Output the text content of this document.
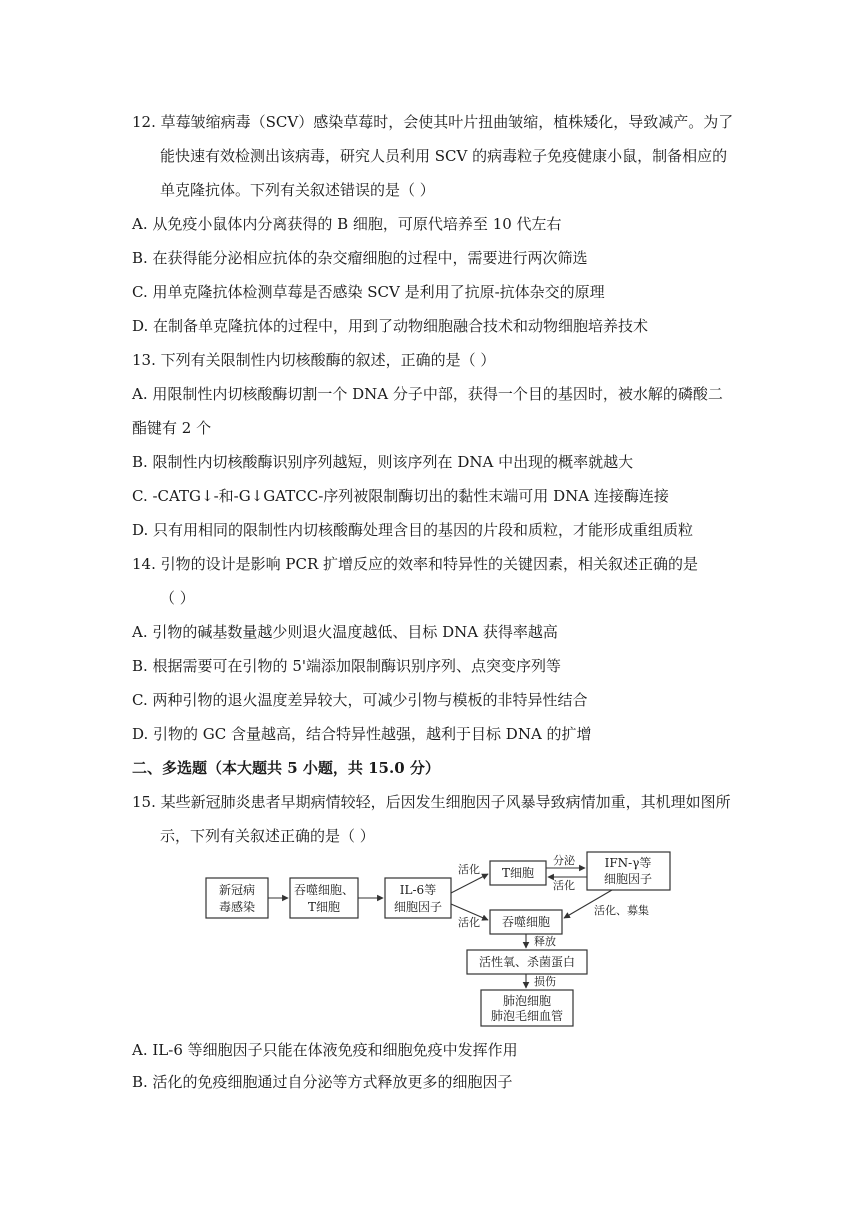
12. 草莓皱缩病毒（SCV）感染草莓时，会使其叶片扭曲皱缩，植株矮化，导致减产。为了
能快速有效检测出该病毒，研究人员利用 SCV 的病毒粒子免疫健康小鼠，制备相应的
单克隆抗体。下列有关叙述错误的是（ ）
A. 从免疫小鼠体内分离获得的 B 细胞，可原代培养至 10 代左右
B. 在获得能分泌相应抗体的杂交瘤细胞的过程中，需要进行两次筛选
C. 用单克隆抗体检测草莓是否感染 SCV 是利用了抗原-抗体杂交的原理
D. 在制备单克隆抗体的过程中，用到了动物细胞融合技术和动物细胞培养技术
13. 下列有关限制性内切核酸酶的叙述，正确的是（ ）
A. 用限制性内切核酸酶切割一个 DNA 分子中部，获得一个目的基因时，被水解的磷酸二
酯键有 2 个
B. 限制性内切核酸酶识别序列越短，则该序列在 DNA 中出现的概率就越大
C. -CATG↓-和-G↓GATCC-序列被限制酶切出的黏性末端可用 DNA 连接酶连接
D. 只有用相同的限制性内切核酸酶处理含目的基因的片段和质粒，才能形成重组质粒
14. 引物的设计是影响 PCR 扩增反应的效率和特异性的关键因素，相关叙述正确的是
（ ）
A. 引物的碱基数量越少则退火温度越低、目标 DNA 获得率越高
B. 根据需要可在引物的 5'端添加限制酶识别序列、点突变序列等
C. 两种引物的退火温度差异较大，可减少引物与模板的非特异性结合
D. 引物的 GC 含量越高，结合特异性越强，越利于目标 DNA 的扩增
二、多选题（本大题共 5 小题，共 15.0 分）
15. 某些新冠肺炎患者早期病情较轻，后因发生细胞因子风暴导致病情加重，其机理如图所
示，下列有关叙述正确的是（ ）
新冠病
毒感染
吞噬细胞、
T细胞
IL-6等
细胞因子
T细胞
IFN-γ等
细胞因子
吞噬细胞
活性氧、杀菌蛋白
肺泡细胞
肺泡毛细血管
活化
分泌
活化
活化
活化、募集
释放
损伤
A. IL-6 等细胞因子只能在体液免疫和细胞免疫中发挥作用
B. 活化的免疫细胞通过自分泌等方式释放更多的细胞因子
